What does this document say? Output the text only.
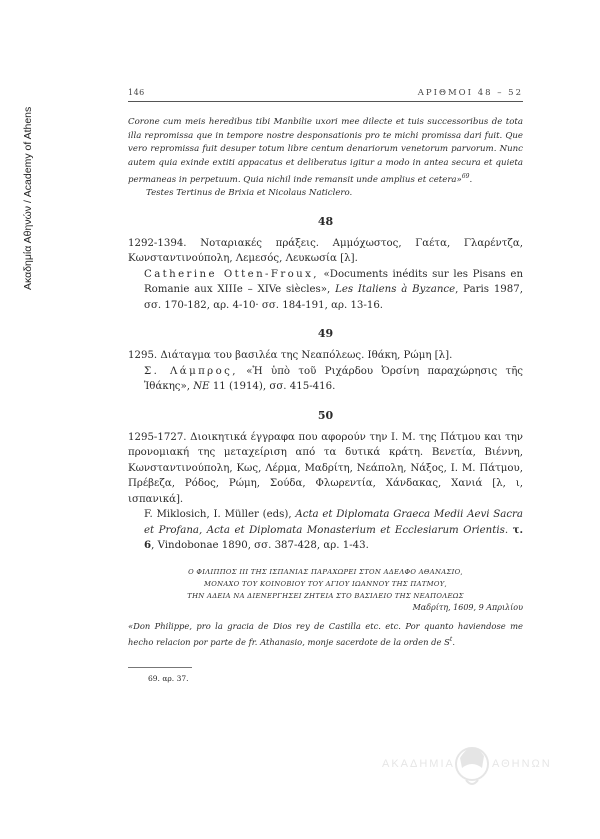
Ακαδημία Αθηνών / Academy of Athens
146	ΑΡΙΘΜΟΙ 48 – 52
Corone cum meis heredibus tibi Manbilie uxori mee dilecte et tuis successoribus de tota illa repromissa que in tempore nostre desponsationis pro te michi promissa dari fuit. Que vero repromissa fuit desuper totum libre centum denariorum venetorum parvorum. Nunc autem quia exinde extiti appacatus et deliberatus igitur a modo in antea secura et quieta permaneas in perpetuum. Quia nichil inde remansit unde amplius et cetera»$^{69}$.
Testes Tertinus de Brixia et Nicolaus Naticlero.
48
1292-1394. Νοταριακές πράξεις. Αμμόχωστος, Γαέτα, Γλαρέντζα, Κωνσταντινούπολη, Λεμεσός, Λευκωσία [λ].
Catherine Otten-Froux, «Documents inédits sur les Pisans en Romanie aux XIIIe – XIVe siècles», Les Italiens à Byzance, Paris 1987, σσ. 170-182, αρ. 4-10· σσ. 184-191, αρ. 13-16.
49
1295. Διάταγμα του βασιλέα της Νεαπόλεως. Ιθάκη, Ρώμη [λ].
Σ. Λάμπρος, «Ἡ ὑπὸ τοῦ Ριχάρδου Ὀρσίνη παραχώρησις τῆς Ἰθάκης», ΝΕ 11 (1914), σσ. 415-416.
50
1295-1727. Διοικητικά έγγραφα που αφορούν την Ι. Μ. της Πάτμου και την προνομιακή της μεταχείριση από τα δυτικά κράτη. Βενετία, Βιέννη, Κωνσταντινούπολη, Κως, Λέρμα, Μαδρίτη, Νεάπολη, Νάξος, Ι. Μ. Πάτμου, Πρέβεζα, Ρόδος, Ρώμη, Σούδα, Φλωρεντία, Χάνδακας, Χανιά [λ, ι, ισπανικά].
F. Miklosich, I. Müller (eds), Acta et Diplomata Graeca Medii Aevi Sacra et Profana, Acta et Diplomata Monasterium et Ecclesiarum Orientis. τ. 6, Vindobonae 1890, σσ. 387-428, αρ. 1-43.
Ο ΦΙΛΙΠΠΟΣ ΙΙΙ ΤΗΣ ΙΣΠΑΝΙΑΣ ΠΑΡΑΧΩΡΕΙ ΣΤΟΝ ΑΔΕΛΦΟ ΑΘΑΝΑΣΙΟ,
ΜΟΝΑΧΟ ΤΟΥ ΚΟΙΝΟΒΙΟΥ ΤΟΥ ΑΓΙΟΥ ΙΩΑΝΝΟΥ ΤΗΣ ΠΑΤΜΟΥ,
ΤΗΝ ΑΔΕΙΑ ΝΑ ΔΙΕΝΕΡΓΗΣΕΙ ΖΗΤΕΙΑ ΣΤΟ ΒΑΣΙΛΕΙΟ ΤΗΣ ΝΕΑΠΟΛΕΩΣ
Μαδρίτη, 1609, 9 Απριλίου
«Don Philippe, pro la gracia de Dios rey de Castilla etc. etc. Por quanto haviendose me hecho relacion por parte de fr. Athanasio, monje sacerdote de la orden de $S^t$.
69. αρ. 37.
ΑΚΑΔΗΜΙΑ	ΑΘΗΝΩΝ
